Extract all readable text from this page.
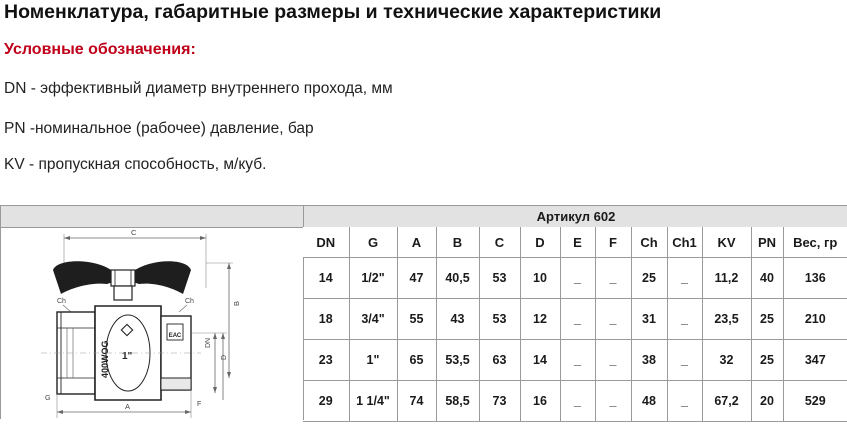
Номенклатура, габаритные размеры и технические характеристики
Условные обозначения:
DN - эффективный диаметр внутреннего прохода, мм
PN -номинальное (рабочее) давление, бар
KV - пропускная способность, м/куб.
Артикул 602
C
B
Ch	Ch
400WOG 1"
ЕАС
DN
D
A
G
F
DN	G	A	B	C	D	E	F	Ch	Ch1	KV	PN	Вес, гр
14	1/2"	47	40,5	53	10	_	_	25	_	11,2	40	136
18	3/4"	55	43	53	12	_	_	31	_	23,5	25	210
23	1"	65	53,5	63	14	_	_	38	_	32	25	347
29	1 1/4"	74	58,5	73	16	_	_	48	_	67,2	20	529
